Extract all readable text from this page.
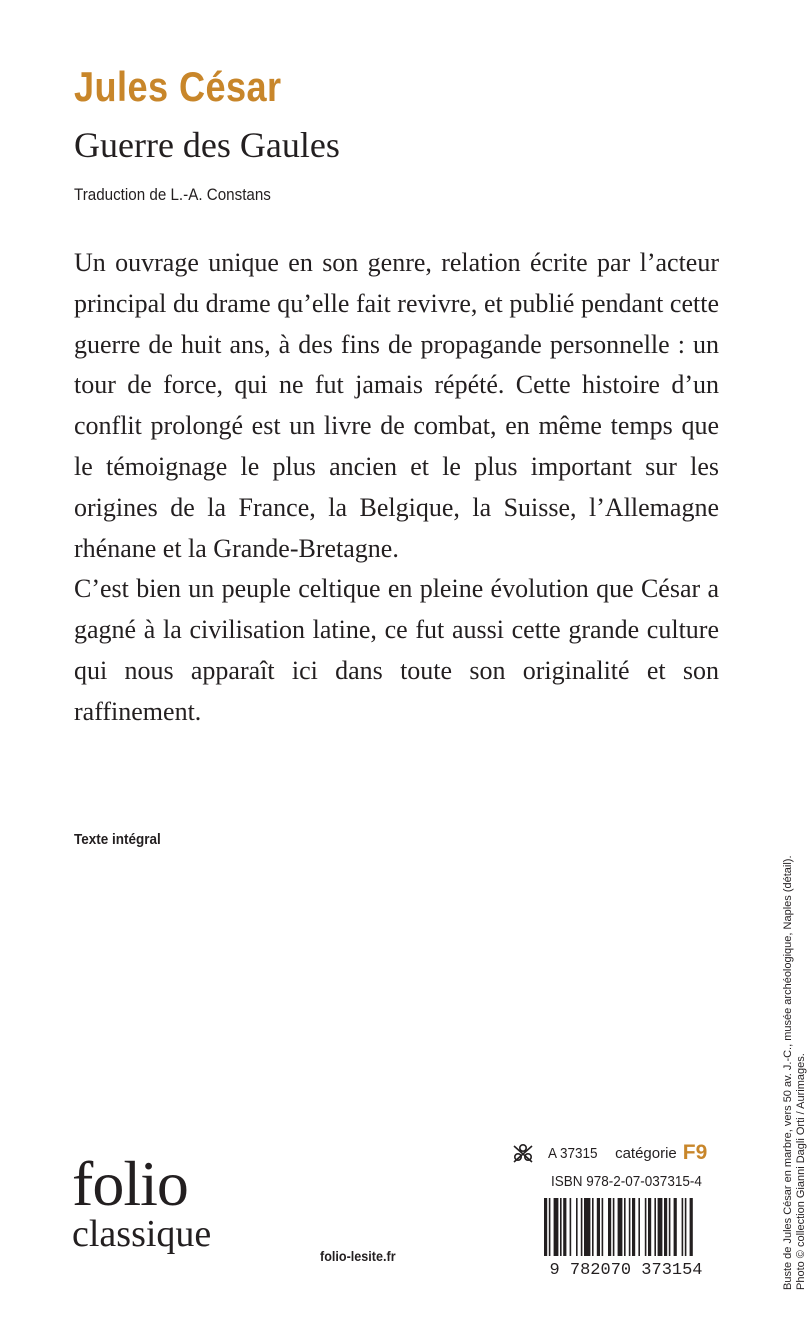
Jules César
Guerre des Gaules
Traduction de L.-A. Constans

Un ouvrage unique en son genre, relation écrite par l’acteur principal du drame qu’elle fait revivre, et publié pendant cette guerre de huit ans, à des fins de propagande personnelle : un tour de force, qui ne fut jamais répété. Cette histoire d’un conflit prolongé est un livre de combat, en même temps que le témoignage le plus ancien et le plus important sur les origines de la France, la Belgique, la Suisse, l’Allemagne rhénane et la Grande-Bretagne.

C’est bien un peuple celtique en pleine évolution que César a gagné à la civilisation latine, ce fut aussi cette grande culture qui nous apparaît ici dans toute son originalité et son raffinement.

Texte intégral
folio
classique
folio-lesite.fr
A 37315 catégorie F9
ISBN 978-2-07-037315-4
9 782070 373154	Buste de Jules César en marbre, vers 50 av. J.-C., musée archéologique, Naples (détail). Photo © collection Gianni Dagli Orti / Aurimages.
